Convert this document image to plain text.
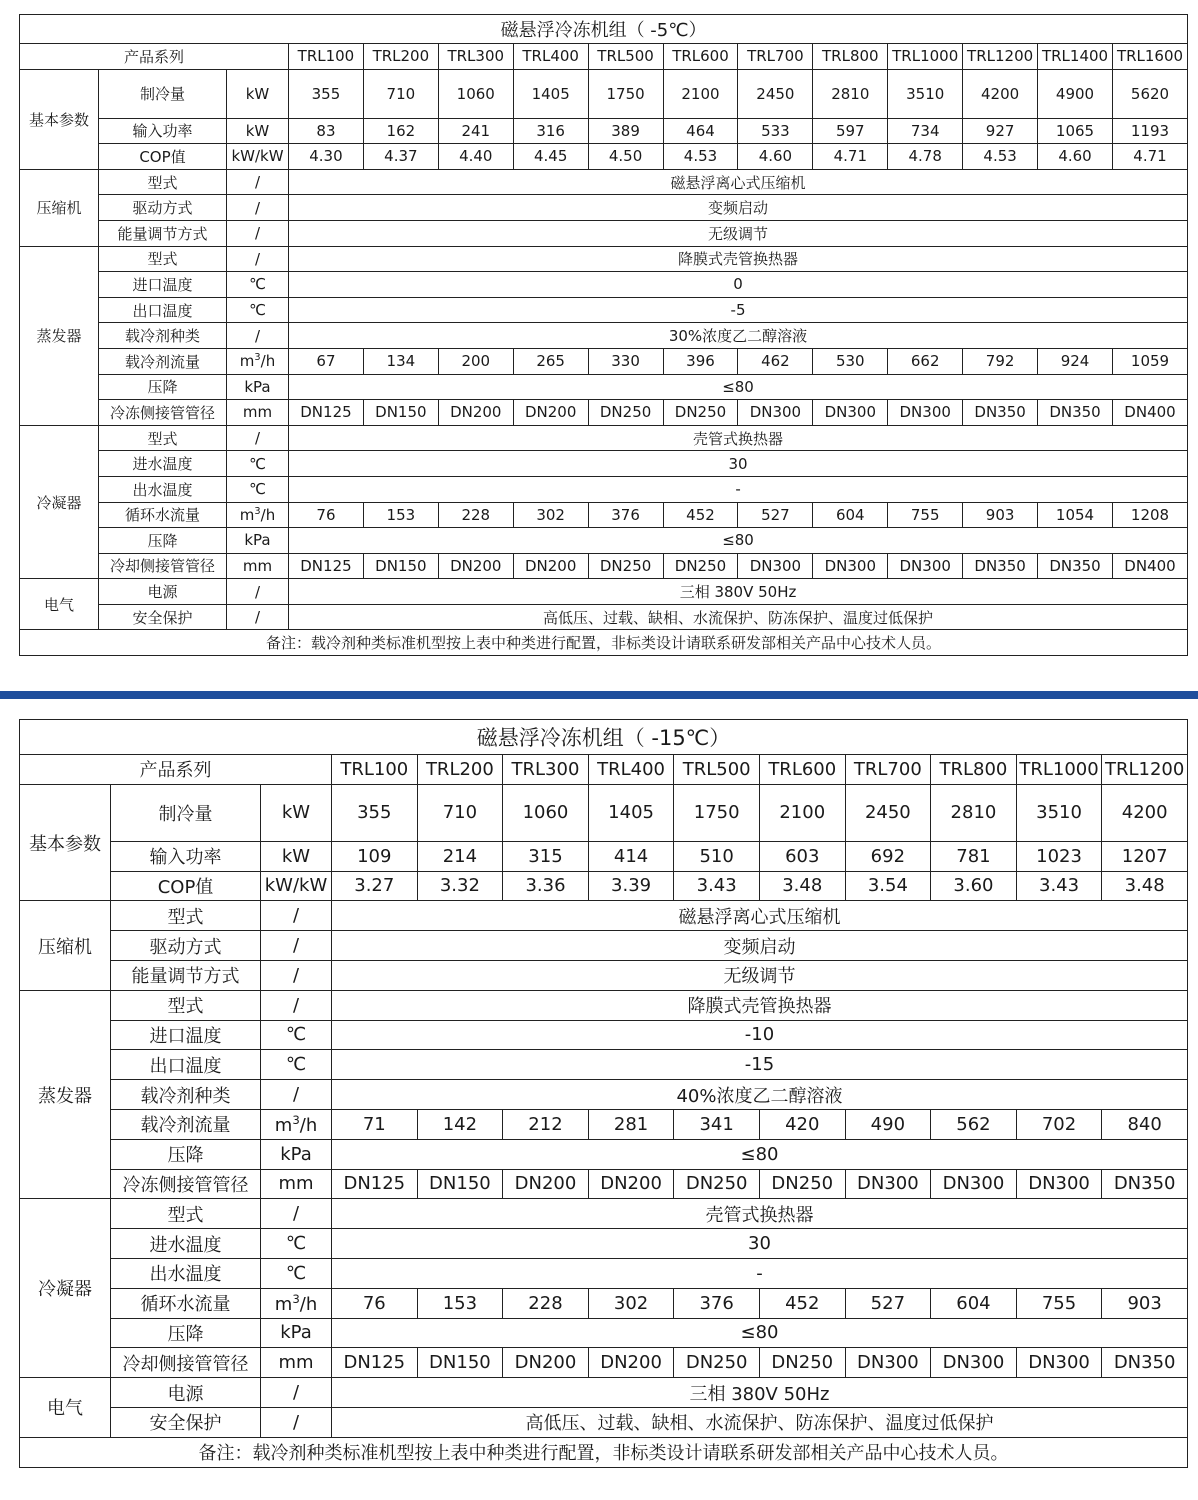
磁悬浮冷冻机组（ -5℃）														
产品系列			TRL100	TRL200	TRL300	TRL400	TRL500	TRL600	TRL700	TRL800	TRL1000	TRL1200	TRL1400	TRL1600
基本参数	制冷量	kW	355	710	1060	1405	1750	2100	2450	2810	3510	4200	4900	5620
	输入功率	kW	83	162	241	316	389	464	533	597	734	927	1065	1193
	COP值	kW/kW	4.30	4.37	4.40	4.45	4.50	4.53	4.60	4.71	4.78	4.53	4.60	4.71
压缩机	型式	/	磁悬浮离心式压缩机											
	驱动方式	/	变频启动											
	能量调节方式	/	无级调节											
蒸发器	型式	/	降膜式壳管换热器											
	进口温度	℃	0											
	出口温度	℃	-5											
	载冷剂种类	/	30%浓度乙二醇溶液											
	载冷剂流量	$m^3/h$	67	134	200	265	330	396	462	530	662	792	924	1059
	压降	kPa	≤80											
	冷冻侧接管管径	mm	DN125	DN150	DN200	DN200	DN250	DN250	DN300	DN300	DN300	DN350	DN350	DN400
冷凝器	型式	/	壳管式换热器											
	进水温度	℃	30											
	出水温度	℃	-											
	循环水流量	$m^3/h$	76	153	228	302	376	452	527	604	755	903	1054	1208
	压降	kPa	≤80											
	冷却侧接管管径	mm	DN125	DN150	DN200	DN200	DN250	DN250	DN300	DN300	DN300	DN350	DN350	DN400
电气	电源	/	三相 380V 50Hz											
	安全保护	/	高低压、过载、缺相、水流保护、防冻保护、温度过低保护											
备注：载冷剂种类标准机型按上表中种类进行配置，非标类设计请联系研发部相关产品中心技术人员。														
磁悬浮冷冻机组（ -15℃）												
产品系列			TRL100	TRL200	TRL300	TRL400	TRL500	TRL600	TRL700	TRL800	TRL1000	TRL1200
基本参数	制冷量	kW	355	710	1060	1405	1750	2100	2450	2810	3510	4200
	输入功率	kW	109	214	315	414	510	603	692	781	1023	1207
	COP值	kW/kW	3.27	3.32	3.36	3.39	3.43	3.48	3.54	3.60	3.43	3.48
压缩机	型式	/	磁悬浮离心式压缩机									
	驱动方式	/	变频启动									
	能量调节方式	/	无级调节									
蒸发器	型式	/	降膜式壳管换热器									
	进口温度	℃	-10									
	出口温度	℃	-15									
	载冷剂种类	/	40%浓度乙二醇溶液									
	载冷剂流量	$m^3/h$	71	142	212	281	341	420	490	562	702	840
	压降	kPa	≤80									
	冷冻侧接管管径	mm	DN125	DN150	DN200	DN200	DN250	DN250	DN300	DN300	DN300	DN350
冷凝器	型式	/	壳管式换热器									
	进水温度	℃	30									
	出水温度	℃	-									
	循环水流量	$m^3/h$	76	153	228	302	376	452	527	604	755	903
	压降	kPa	≤80									
	冷却侧接管管径	mm	DN125	DN150	DN200	DN200	DN250	DN250	DN300	DN300	DN300	DN350
电气	电源	/	三相 380V 50Hz									
	安全保护	/	高低压、过载、缺相、水流保护、防冻保护、温度过低保护									
备注：载冷剂种类标准机型按上表中种类进行配置，非标类设计请联系研发部相关产品中心技术人员。												
